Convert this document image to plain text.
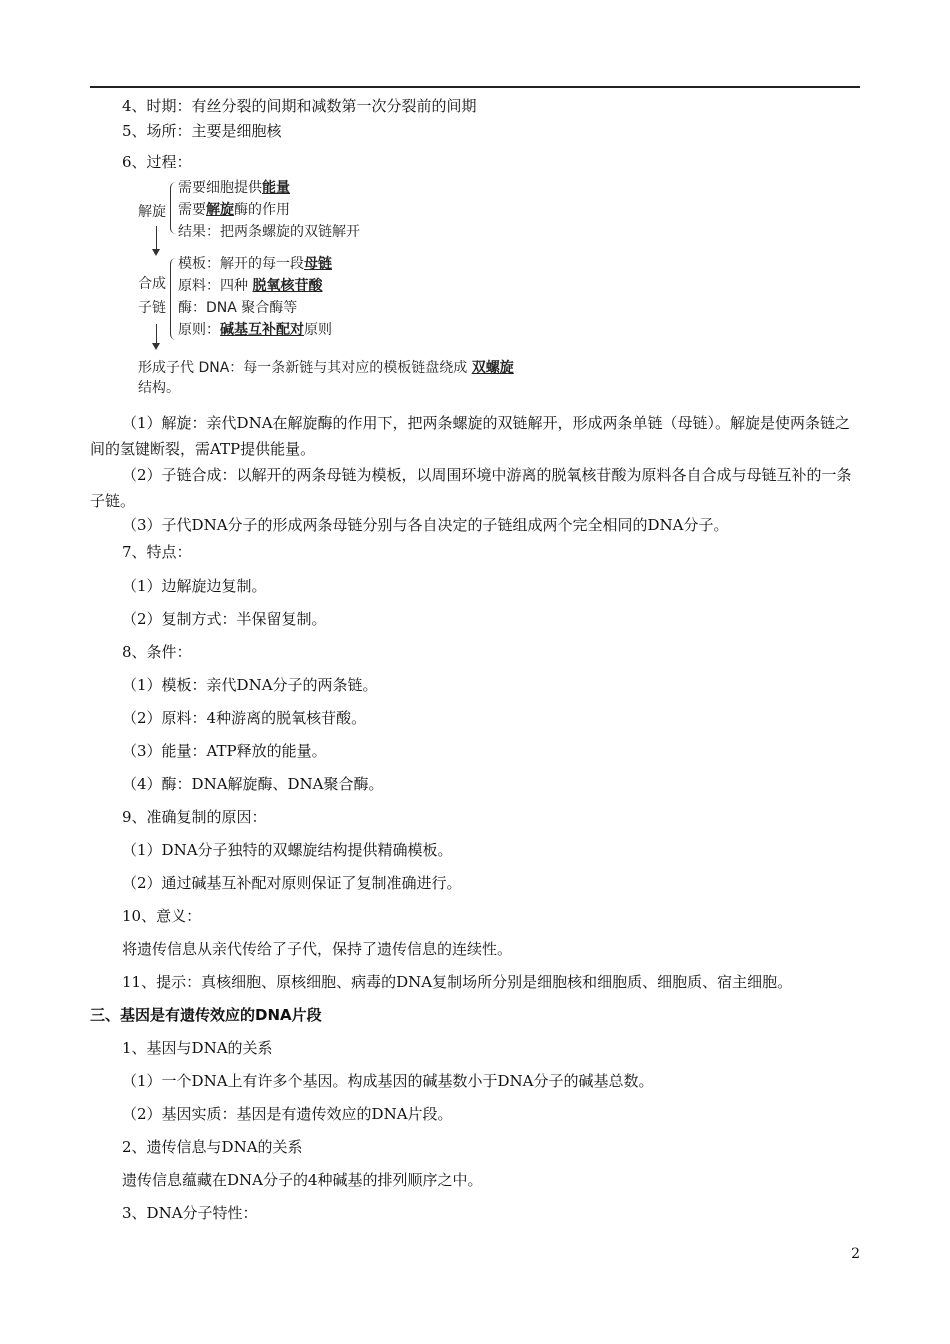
4、时期：有丝分裂的间期和减数第一次分裂前的间期
5、场所：主要是细胞核
6、过程：
解旋
需要细胞提供能量
需要解旋酶的作用
结果：把两条螺旋的双链解开
合成
子链
模板：解开的每一段母链
原料：四种 脱氧核苷酸
酶：DNA 聚合酶等
原则：碱基互补配对原则
形成子代 DNA：每一条新链与其对应的模板链盘绕成 双螺旋
结构。
（1）解旋：亲代DNA在解旋酶的作用下，把两条螺旋的双链解开，形成两条单链（母链）。解旋是使两条链之间的氢键断裂，需ATP提供能量。
（2）子链合成：以解开的两条母链为模板，以周围环境中游离的脱氧核苷酸为原料各自合成与母链互补的一条子链。
（3）子代DNA分子的形成两条母链分别与各自决定的子链组成两个完全相同的DNA分子。
7、特点：
（1）边解旋边复制。
（2）复制方式：半保留复制。
8、条件：
（1）模板：亲代DNA分子的两条链。
（2）原料：4种游离的脱氧核苷酸。
（3）能量：ATP释放的能量。
（4）酶：DNA解旋酶、DNA聚合酶。
9、准确复制的原因：
（1）DNA分子独特的双螺旋结构提供精确模板。
（2）通过碱基互补配对原则保证了复制准确进行。
10、意义：
将遗传信息从亲代传给了子代，保持了遗传信息的连续性。
11、提示：真核细胞、原核细胞、病毒的DNA复制场所分别是细胞核和细胞质、细胞质、宿主细胞。
三、基因是有遗传效应的DNA片段
1、基因与DNA的关系
（1）一个DNA上有许多个基因。构成基因的碱基数小于DNA分子的碱基总数。
（2）基因实质：基因是有遗传效应的DNA片段。
2、遗传信息与DNA的关系
遗传信息蕴藏在DNA分子的4种碱基的排列顺序之中。
3、DNA分子特性：
2
